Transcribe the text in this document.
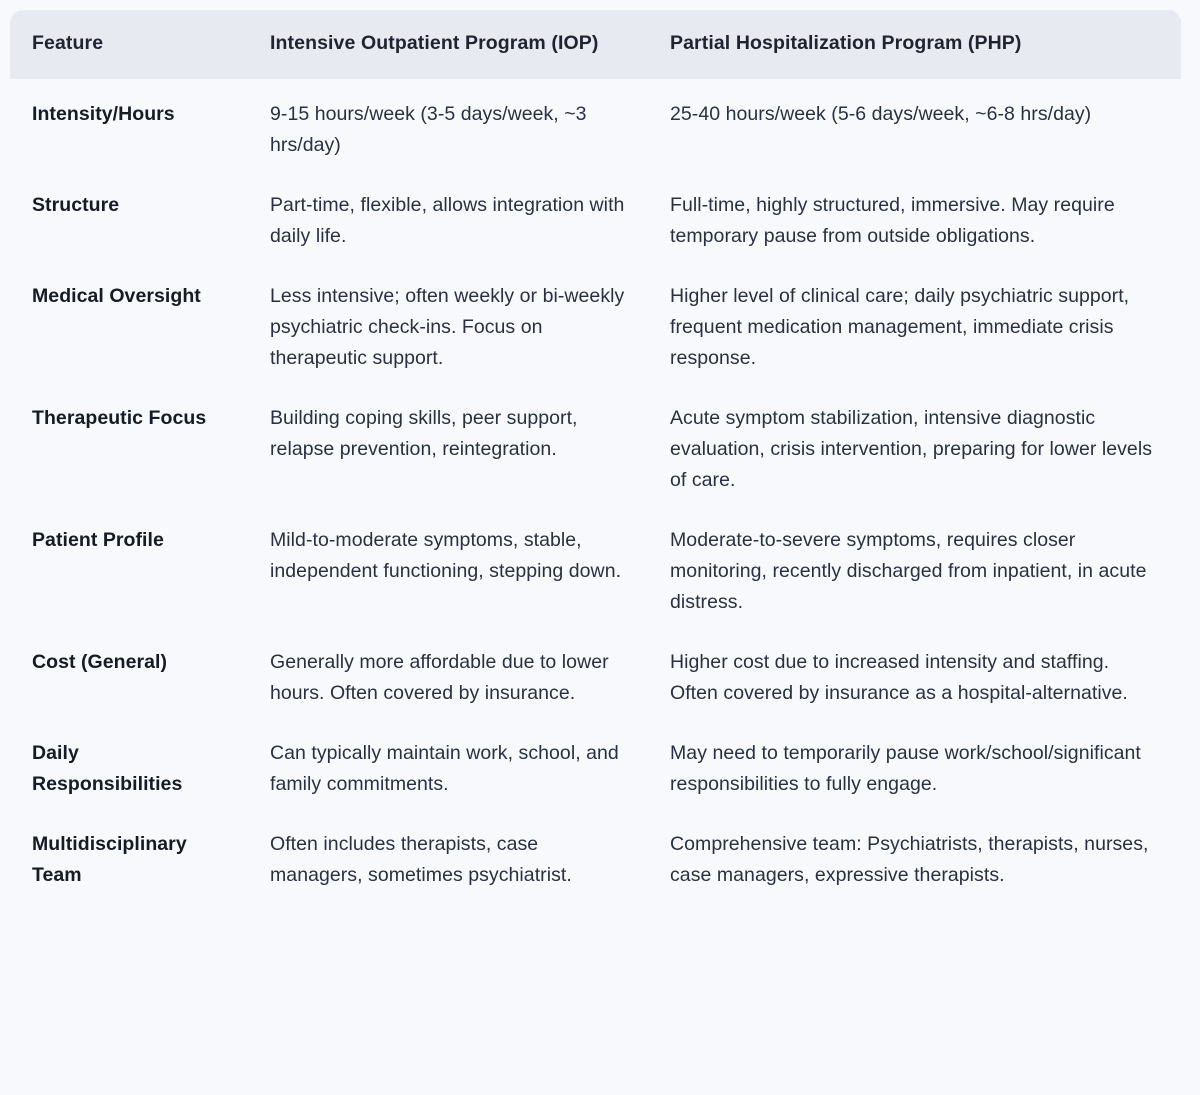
Feature	Intensive Outpatient Program (IOP)	Partial Hospitalization Program (PHP)
Intensity/Hours	9-15 hours/week (3-5 days/week, ~3 hrs/day)	25-40 hours/week (5-6 days/week, ~6-8 hrs/day)
Structure	Part-time, flexible, allows integration with daily life.	Full-time, highly structured, immersive. May require temporary pause from outside obligations.
Medical Oversight	Less intensive; often weekly or bi-weekly psychiatric check-ins. Focus on therapeutic support.	Higher level of clinical care; daily psychiatric support, frequent medication management, immediate crisis response.
Therapeutic Focus	Building coping skills, peer support, relapse prevention, reintegration.	Acute symptom stabilization, intensive diagnostic evaluation, crisis intervention, preparing for lower levels of care.
Patient Profile	Mild-to-moderate symptoms, stable, independent functioning, stepping down.	Moderate-to-severe symptoms, requires closer monitoring, recently discharged from inpatient, in acute distress.
Cost (General)	Generally more affordable due to lower hours. Often covered by insurance.	Higher cost due to increased intensity and staffing. Often covered by insurance as a hospital-alternative.
Daily Responsibilities	Can typically maintain work, school, and family commitments.	May need to temporarily pause work/school/significant responsibilities to fully engage.
Multidisciplinary Team	Often includes therapists, case managers, sometimes psychiatrist.	Comprehensive team: Psychiatrists, therapists, nurses, case managers, expressive therapists.
